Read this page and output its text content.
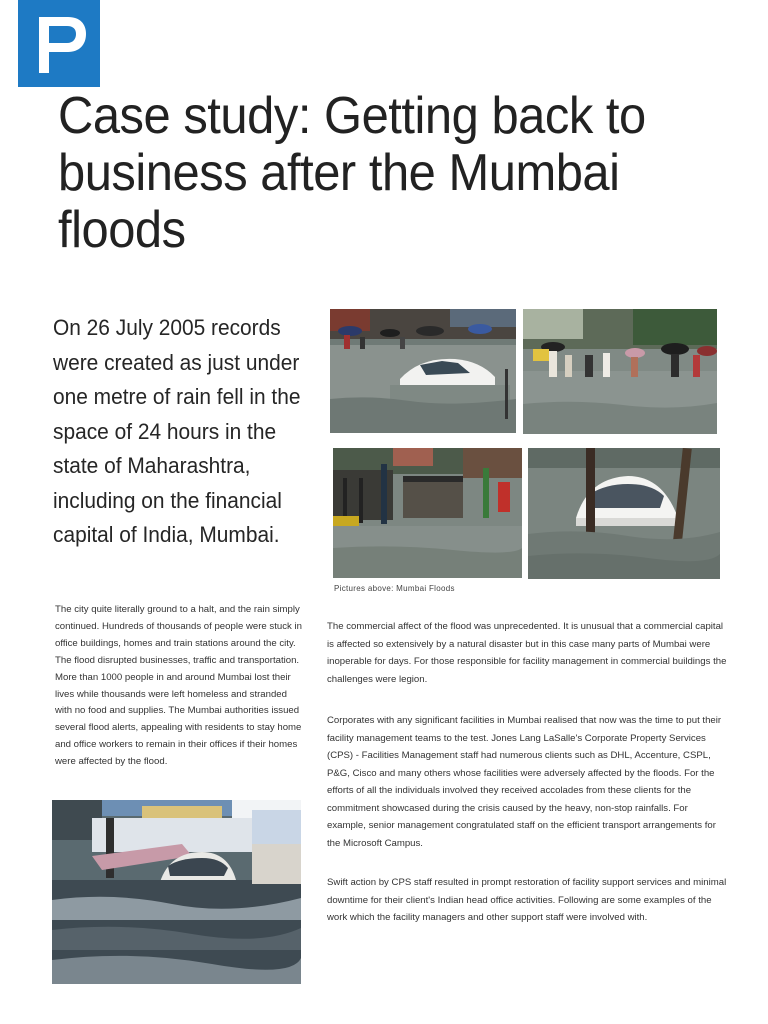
Case study: Getting back to business after the Mumbai floods

On 26 July 2005 records were created as just under one metre of rain fell in the space of 24 hours in the state of Maharashtra, including on the financial capital of India, Mumbai.

Pictures above: Mumbai Floods

The city quite literally ground to a halt, and the rain simply continued. Hundreds of thousands of people were stuck in office buildings, homes and train stations around the city. The flood disrupted businesses, traffic and transportation. More than 1000 people in and around Mumbai lost their lives while thousands were left homeless and stranded with no food and supplies. The Mumbai authorities issued several flood alerts, appealing with residents to stay home and office workers to remain in their offices if their homes were affected by the flood.

The commercial affect of the flood was unprecedented. It is unusual that a commercial capital is affected so extensively by a natural disaster but in this case many parts of Mumbai were inoperable for days. For those responsible for facility management in commercial buildings the challenges were legion.

Corporates with any significant facilities in Mumbai realised that now was the time to put their facility management teams to the test. Jones Lang LaSalle's Corporate Property Services (CPS) - Facilities Management staff had numerous clients such as DHL, Accenture, CSPL, P&G, Cisco and many others whose facilities were adversely affected by the floods. For the efforts of all the individuals involved they received accolades from these clients for the commitment showcased during the crisis caused by the heavy, non-stop rainfalls. For example, senior management congratulated staff on the efficient transport arrangements for the Microsoft Campus.

Swift action by CPS staff resulted in prompt restoration of facility support services and minimal downtime for their client's Indian head office activities. Following are some examples of the work which the facility managers and other support staff were involved with.
